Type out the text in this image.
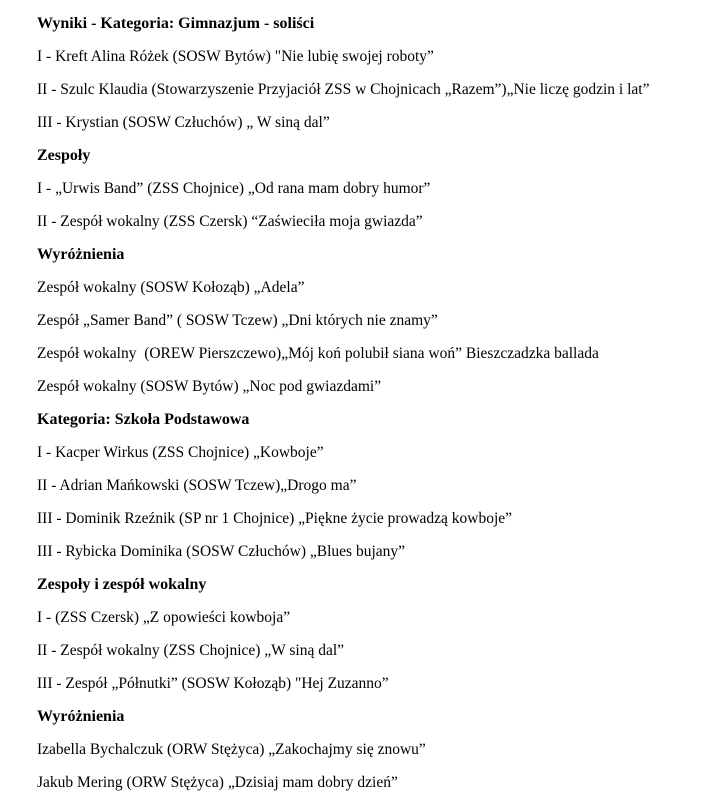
Wyniki - Kategoria: Gimnazjum - soliści

I - Kreft Alina Różek (SOSW Bytów) "Nie lubię swojej roboty”

II - Szulc Klaudia (Stowarzyszenie Przyjaciół ZSS w Chojnicach „Razem”)„Nie liczę godzin i lat”

III - Krystian (SOSW Człuchów) „ W siną dal”

Zespoły

I - „Urwis Band” (ZSS Chojnice) „Od rana mam dobry humor”

II - Zespół wokalny (ZSS Czersk) “Zaświeciła moja gwiazda”

Wyróżnienia

Zespół wokalny (SOSW Kołoząb) „Adela”

Zespół „Samer Band” ( SOSW Tczew) „Dni których nie znamy”

Zespół wokalny  (OREW Pierszczewo)„Mój koń polubił siana woń” Bieszczadzka ballada

Zespół wokalny (SOSW Bytów) „Noc pod gwiazdami”

Kategoria: Szkoła Podstawowa

I - Kacper Wirkus (ZSS Chojnice) „Kowboje”

II - Adrian Mańkowski (SOSW Tczew)„Drogo ma”

III - Dominik Rzeźnik (SP nr 1 Chojnice) „Piękne życie prowadzą kowboje”

III - Rybicka Dominika (SOSW Człuchów) „Blues bujany”

Zespoły i zespół wokalny

I - (ZSS Czersk) „Z opowieści kowboja”

II - Zespół wokalny (ZSS Chojnice) „W siną dal”

III - Zespół „Półnutki” (SOSW Kołoząb) "Hej Zuzanno”

Wyróżnienia

Izabella Bychalczuk (ORW Stężyca) „Zakochajmy się znowu”

Jakub Mering (ORW Stężyca) „Dzisiaj mam dobry dzień”
